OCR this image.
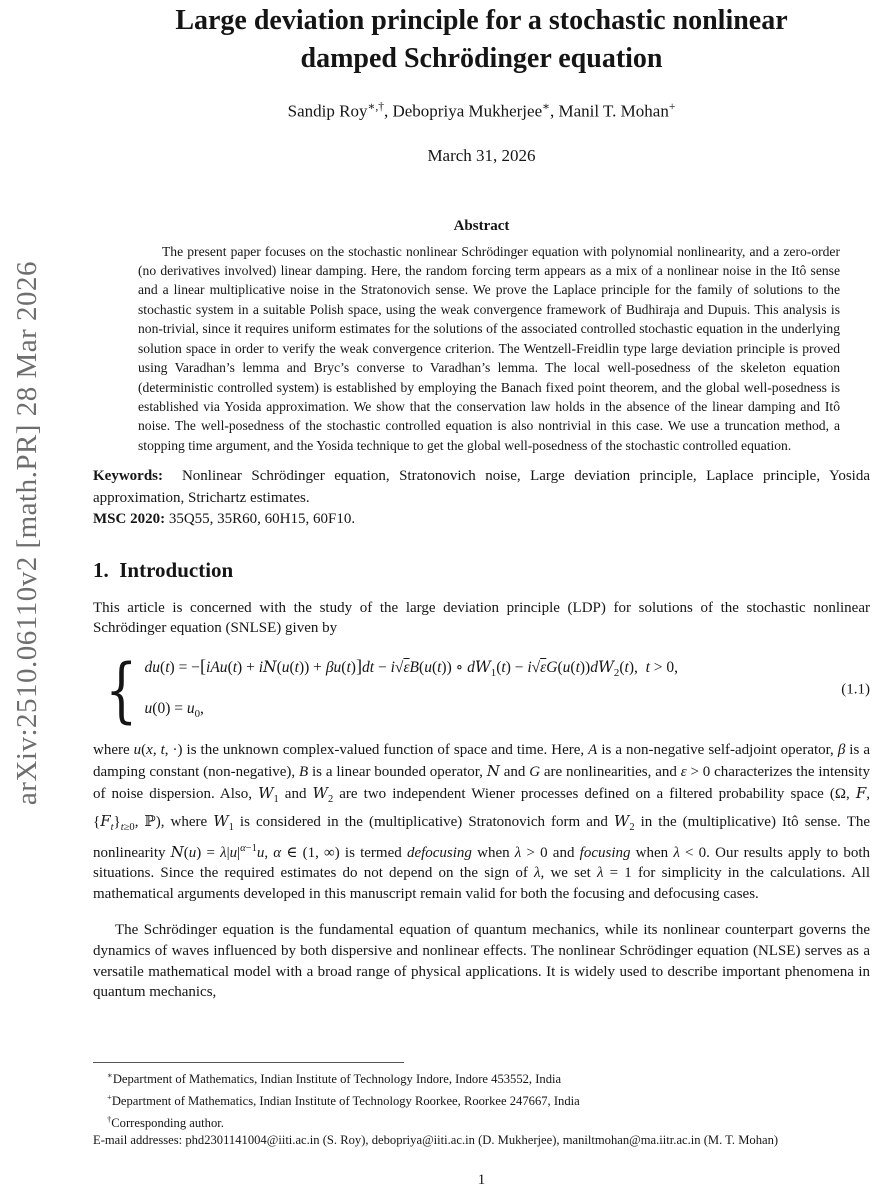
arXiv:2510.06110v2 [math.PR] 28 Mar 2026
Large deviation principle for a stochastic nonlinear
damped Schrödinger equation
Sandip Roy∗,†, Debopriya Mukherjee∗, Manil T. Mohan+
March 31, 2026
Abstract
The present paper focuses on the stochastic nonlinear Schrödinger equation with polynomial nonlinearity, and a zero-order (no derivatives involved) linear damping. Here, the random forcing term appears as a mix of a nonlinear noise in the Itô sense and a linear multiplicative noise in the Stratonovich sense. We prove the Laplace principle for the family of solutions to the stochastic system in a suitable Polish space, using the weak convergence framework of Budhiraja and Dupuis. This analysis is non-trivial, since it requires uniform estimates for the solutions of the associated controlled stochastic equation in the underlying solution space in order to verify the weak convergence criterion. The Wentzell-Freidlin type large deviation principle is proved using Varadhan’s lemma and Bryc’s converse to Varadhan’s lemma. The local well-posedness of the skeleton equation (deterministic controlled system) is established by employing the Banach fixed point theorem, and the global well-posedness is established via Yosida approximation. We show that the conservation law holds in the absence of the linear damping and Itô noise. The well-posedness of the stochastic controlled equation is also nontrivial in this case. We use a truncation method, a stopping time argument, and the Yosida technique to get the global well-posedness of the stochastic controlled equation.

Keywords:  Nonlinear Schrödinger equation, Stratonovich noise, Large deviation principle, Laplace principle, Yosida approximation, Strichartz estimates.

MSC 2020: 35Q55, 35R60, 60H15, 60F10.

1.  Introduction

This article is concerned with the study of the large deviation principle (LDP) for solutions of the stochastic nonlinear Schrödinger equation (SNLSE) given by

{ du(t) = −[iAu(t) + iN(u(t)) + βu(t)]dt − i√εB(u(t)) ∘ $dW_1(t) - i√\varepsilon G(u(t))dW_2(t)$,  t > 0,
$u(0) = u_0$,
(1.1)

where u(x, t, ·) is the unknown complex-valued function of space and time. Here, A is a non-negative self-adjoint operator, β is a damping constant (non-negative), B is a linear bounded operator, N and G are nonlinearities, and ε > 0 characterizes the intensity of noise dispersion. Also, $W_1$ and $W_2$ are two independent Wiener processes defined on a filtered probability space (Ω, F, $\{F_t\}_{t\ge 0}$, ℙ), where $W_1$ is considered in the (multiplicative) Stratonovich form and $W_2$ in the (multiplicative) Itô sense. The nonlinearity $N(u) = \lambda|u|^{\alpha-1}u$, α ∈ (1, ∞) is termed defocusing when λ > 0 and focusing when λ < 0. Our results apply to both situations. Since the required estimates do not depend on the sign of λ, we set λ = 1 for simplicity in the calculations. All mathematical arguments developed in this manuscript remain valid for both the focusing and defocusing cases.

The Schrödinger equation is the fundamental equation of quantum mechanics, while its nonlinear counterpart governs the dynamics of waves influenced by both dispersive and nonlinear effects. The nonlinear Schrödinger equation (NLSE) serves as a versatile mathematical model with a broad range of physical applications. It is widely used to describe important phenomena in quantum mechanics,

∗Department of Mathematics, Indian Institute of Technology Indore, Indore 453552, India

+Department of Mathematics, Indian Institute of Technology Roorkee, Roorkee 247667, India

†Corresponding author.

E-mail addresses: phd2301141004@iiti.ac.in (S. Roy), debopriya@iiti.ac.in (D. Mukherjee), maniltmohan@ma.iitr.ac.in (M. T. Mohan)

1
